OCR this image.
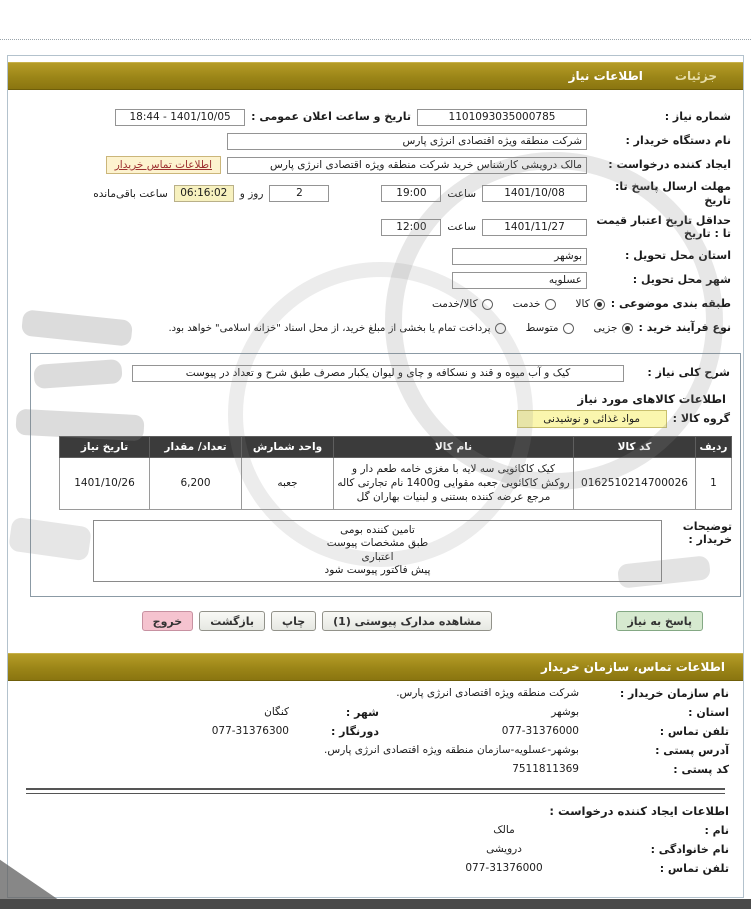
جزئیات
اطلاعات نیاز
شماره نیاز :
1101093035000785
تاریخ و ساعت اعلان عمومی :
1401/10/05 - 18:44
نام دستگاه خریدار :
شرکت منطقه ویژه اقتصادی انرژی پارس
ایجاد کننده درخواست :
مالک درویشی کارشناس خرید شرکت منطقه ویژه اقتصادی انرژی پارس
اطلاعات تماس خریدار
مهلت ارسال پاسخ تا: تاریخ
1401/10/08
ساعت
19:00
2
روز و
06:16:02
ساعت باقی‌مانده
حداقل تاریخ اعتبار قیمت تا : تاریخ
1401/11/27
ساعت
12:00
استان محل تحویل :
بوشهر
شهر محل تحویل :
عسلویه
طبقه بندی موضوعی :
کالا
خدمت
کالا/خدمت
نوع فرآیند خرید :
جزیی
متوسط
پرداخت تمام یا بخشی از مبلغ خرید، از محل اسناد "خزانه اسلامی" خواهد بود.
شرح کلی نیاز :
کیک و آب میوه و قند و نسکافه و چای و لیوان یکبار مصرف طبق شرح و تعداد در پیوست
اطلاعات کالاهای مورد نیاز
گروه کالا :
مواد غذائی و نوشیدنی
ردیف	کد کالا	نام کالا	واحد شمارش	تعداد/ مقدار	تاریخ نیاز
1	0162510214700026	کیک کاکائویی سه لایه با مغزی خامه طعم دار و روکش کاکائویی جعبه مقوایی 1400g نام تجارتی کاله مرجع عرضه کننده بستنی و لبنیات بهاران گل	جعبه	6,200	1401/10/26
توضیحات خریدار :
تامین کننده بومی
طبق مشخصات پیوست
اعتباری
پیش فاکتور پیوست شود
پاسخ به نیاز
مشاهده مدارک پیوستی (1)
چاپ
بازگشت
خروج
اطلاعات تماس، سازمان خریدار
نام سازمان خریدار :
شرکت منطقه ویژه اقتصادی انرژی پارس.
استان :
بوشهر
شهر :
کنگان
تلفن تماس :
077-31376000
دورنگار :
077-31376300
آدرس پستی :
بوشهر-عسلویه-سازمان منطقه ویژه اقتصادی انرژی پارس.
کد پستی :
7511811369
اطلاعات ایجاد کننده درخواست :
نام :
مالک
نام خانوادگی :
درویشی
تلفن تماس :
077-31376000
